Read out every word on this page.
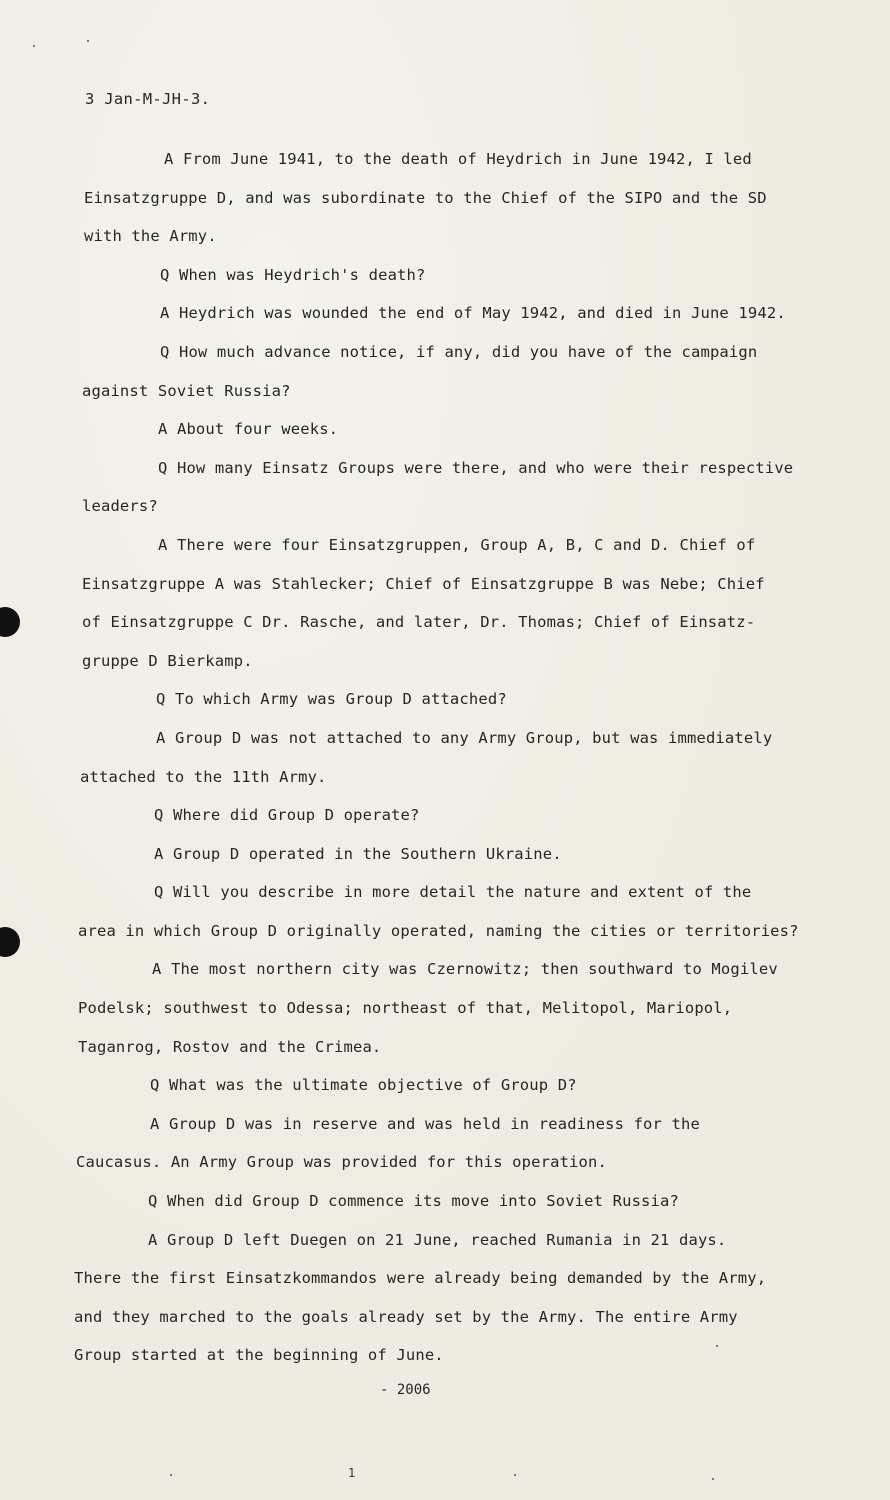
3 Jan-M-JH-3.
A From June 1941, to the death of Heydrich in June 1942, I led
Einsatzgruppe D, and was subordinate to the Chief of the SIPO and the SD
with the Army.
Q When was Heydrich's death?
A Heydrich was wounded the end of May 1942, and died in June 1942.
Q How much advance notice, if any, did you have of the campaign
against Soviet Russia?
A About four weeks.
Q How many Einsatz Groups were there, and who were their respective
leaders?
A There were four Einsatzgruppen, Group A, B, C and D. Chief of
Einsatzgruppe A was Stahlecker; Chief of Einsatzgruppe B was Nebe; Chief
of Einsatzgruppe C Dr. Rasche, and later, Dr. Thomas; Chief of Einsatz-
gruppe D Bierkamp.
Q To which Army was Group D attached?
A Group D was not attached to any Army Group, but was immediately
attached to the 11th Army.
Q Where did Group D operate?
A Group D operated in the Southern Ukraine.
Q Will you describe in more detail the nature and extent of the
area in which Group D originally operated, naming the cities or territories?
A The most northern city was Czernowitz; then southward to Mogilev
Podelsk; southwest to Odessa; northeast of that, Melitopol, Mariopol,
Taganrog, Rostov and the Crimea.
Q What was the ultimate objective of Group D?
A Group D was in reserve and was held in readiness for the
Caucasus. An Army Group was provided for this operation.
Q When did Group D commence its move into Soviet Russia?
A Group D left Duegen on 21 June, reached Rumania in 21 days.
There the first Einsatzkommandos were already being demanded by the Army,
and they marched to the goals already set by the Army. The entire Army
Group started at the beginning of June.
- 2006
1
